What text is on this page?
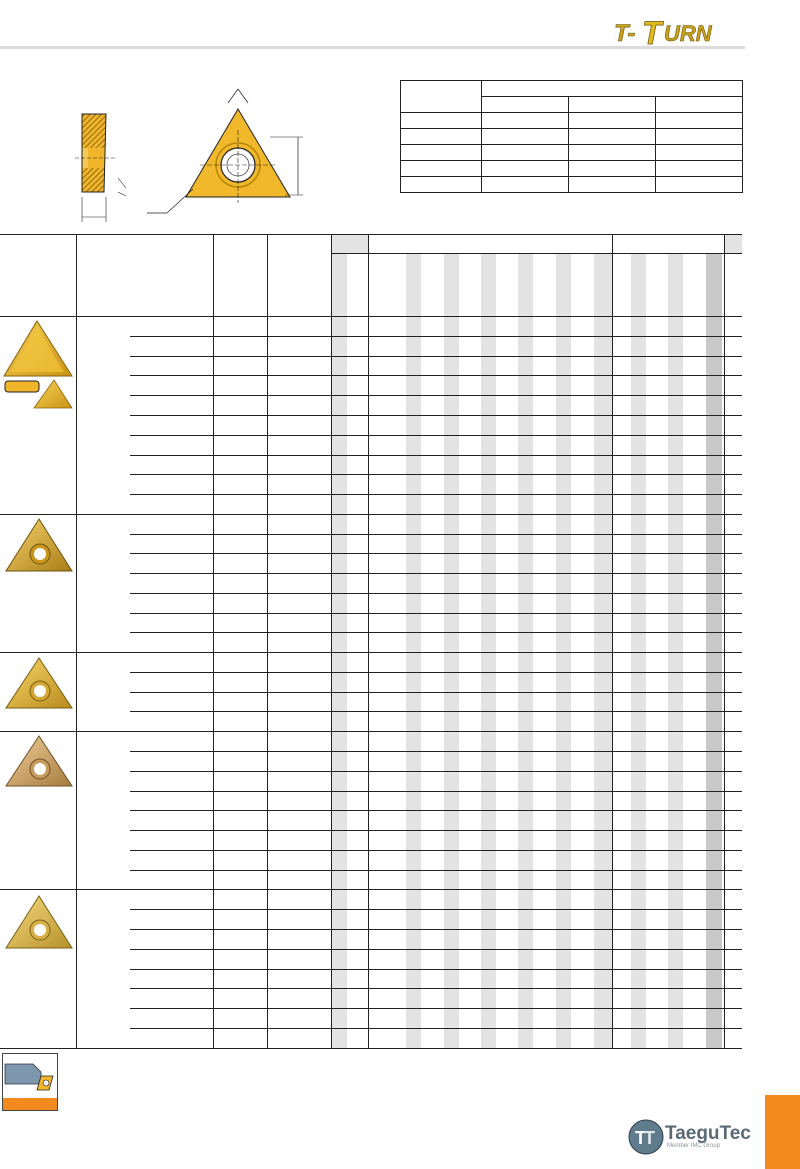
T- T URN

T
T TaeguTec
Member IMC Group
